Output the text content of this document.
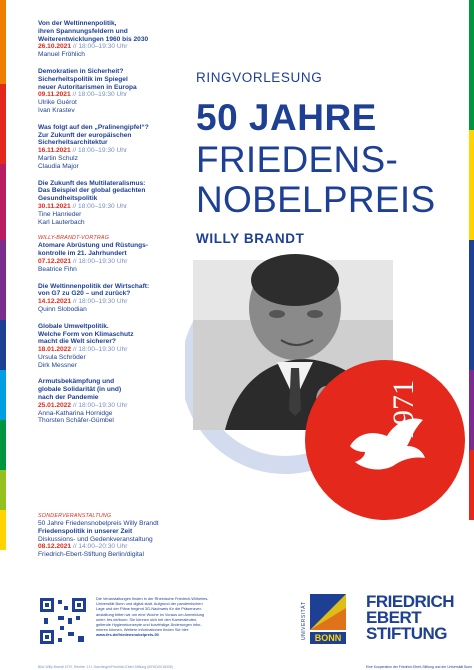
Von der Weltinnenpolitik,
ihren Spannungsfeldern und
Weiterentwicklungen 1960 bis 2030
26.10.2021 // 18:00–19:30 Uhr
Manuel Fröhlich
Demokratien in Sicherheit?
Sicherheitspolitik im Spiegel
neuer Autoritarismen in Europa
09.11.2021 // 18:00–19:30 Uhr
Ulrike Guérot
Ivan Krastev
Was folgt auf den „Pralinengipfel“?
Zur Zukunft der europäischen
Sicherheitsarchitektur
16.11.2021 // 18:00–19:30 Uhr
Martin Schulz
Claudia Major
Die Zukunft des Multilateralismus:
Das Beispiel der global gedachten
Gesundheitspolitik
30.11.2021 // 18:00–19:30 Uhr
Tine Hanrieder
Karl Lauterbach
WILLY-BRANDT-VORTRAG
Atomare Abrüstung und Rüstungs-
kontrolle im 21. Jahrhundert
07.12.2021 // 18:00–19:30 Uhr
Beatrice Fihn
Die Weltinnenpolitik der Wirtschaft:
von G7 zu G20 – und zurück?
14.12.2021 // 18:00–19:30 Uhr
Quinn Slobodian
Globale Umweltpolitik.
Welche Form von Klimaschutz
macht die Welt sicherer?
18.01.2022 // 18:00–19:30 Uhr
Ursula Schröder
Dirk Messner
Armutsbekämpfung und
globale Solidarität (in und)
nach der Pandemie
25.01.2022 // 18:00–19:30 Uhr
Anna-Katharina Hornidge
Thorsten Schäfer-Gümbel
SONDERVERANSTALTUNG
50 Jahre Friedensnobelpreis Willy Brandt
Friedenspolitik in unserer Zeit
Diskussions- und Gedenkveranstaltung
08.12.2021 // 14:00–20:30 Uhr
Friedrich-Ebert-Stiftung Berlin/digital
RINGVORLESUNG
50 JAHRE
FRIEDENS-
NOBELPREIS
WILLY BRANDT
1971
Die Veranstaltungen finden in der Rheinische Friedrich-Wilhelms-
Universität Bonn und digital statt. Aufgrund der pandemischen
Lage und der Pläne beginnt 3G-Nachweis für die Präsenzver-
anstaltung bitten wir um eine Woche im Voraus um Anmeldung
unter: fes.de/bonn. Sie können sich bei den Kameraleuten,
geltende Hygienekonzepte und kurzfristige Änderungen infor-
mieren können. Weitere Informationen finden Sie hier:
www.fes.de/friedensnobelpreis-50
Bild: Willy Brandt 1970, Rechte: J.H. Darchinger/Friedrich-Ebert-Stiftung (6/FADO018335)
UNIVERSITÄT BONN
FRIEDRICH
EBERT
STIFTUNG
Eine Kooperation der Friedrich-Ebert-Stiftung und der Universität Bonn
